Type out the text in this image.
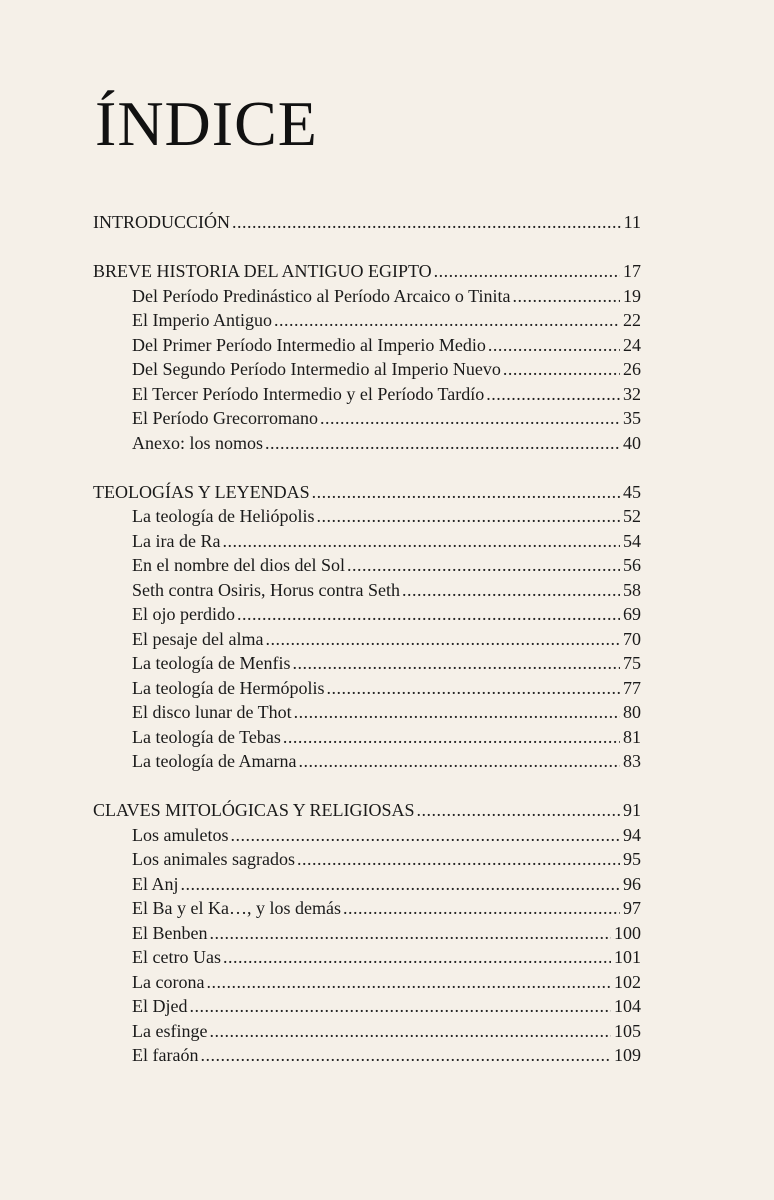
ÍNDICE
INTRODUCCIÓN .....	11
BREVE HISTORIA DEL ANTIGUO EGIPTO .....	17
Del Período Predinástico al Período Arcaico o Tinita .....	19
El Imperio Antiguo .....	22
Del Primer Período Intermedio al Imperio Medio .....	24
Del Segundo Período Intermedio al Imperio Nuevo .....	26
El Tercer Período Intermedio y el Período Tardío .....	32
El Período Grecorromano .....	35
Anexo: los nomos .....	40
TEOLOGÍAS Y LEYENDAS .....	45
La teología de Heliópolis .....	52
La ira de Ra .....	54
En el nombre del dios del Sol .....	56
Seth contra Osiris, Horus contra Seth .....	58
El ojo perdido .....	69
El pesaje del alma .....	70
La teología de Menfis .....	75
La teología de Hermópolis .....	77
El disco lunar de Thot .....	80
La teología de Tebas .....	81
La teología de Amarna .....	83
CLAVES MITOLÓGICAS Y RELIGIOSAS .....	91
Los amuletos .....	94
Los animales sagrados .....	95
El Anj .....	96
El Ba y el Ka…, y los demás .....	97
El Benben .....	100
El cetro Uas .....	101
La corona .....	102
El Djed .....	104
La esfinge .....	105
El faraón .....	109
